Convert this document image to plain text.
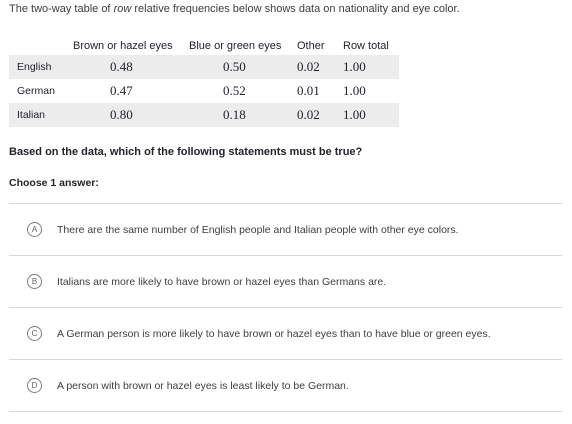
The two-way table of row relative frequencies below shows data on nationality and eye color.
	Brown or hazel eyes	Blue or green eyes	Other	Row total
English	0.48	0.50	0.02	1.00
German	0.47	0.52	0.01	1.00
Italian	0.80	0.18	0.02	1.00
Based on the data, which of the following statements must be true?
Choose 1 answer:
A	There are the same number of English people and Italian people with other eye colors.
B	Italians are more likely to have brown or hazel eyes than Germans are.
C	A German person is more likely to have brown or hazel eyes than to have blue or green eyes.
D	A person with brown or hazel eyes is least likely to be German.
